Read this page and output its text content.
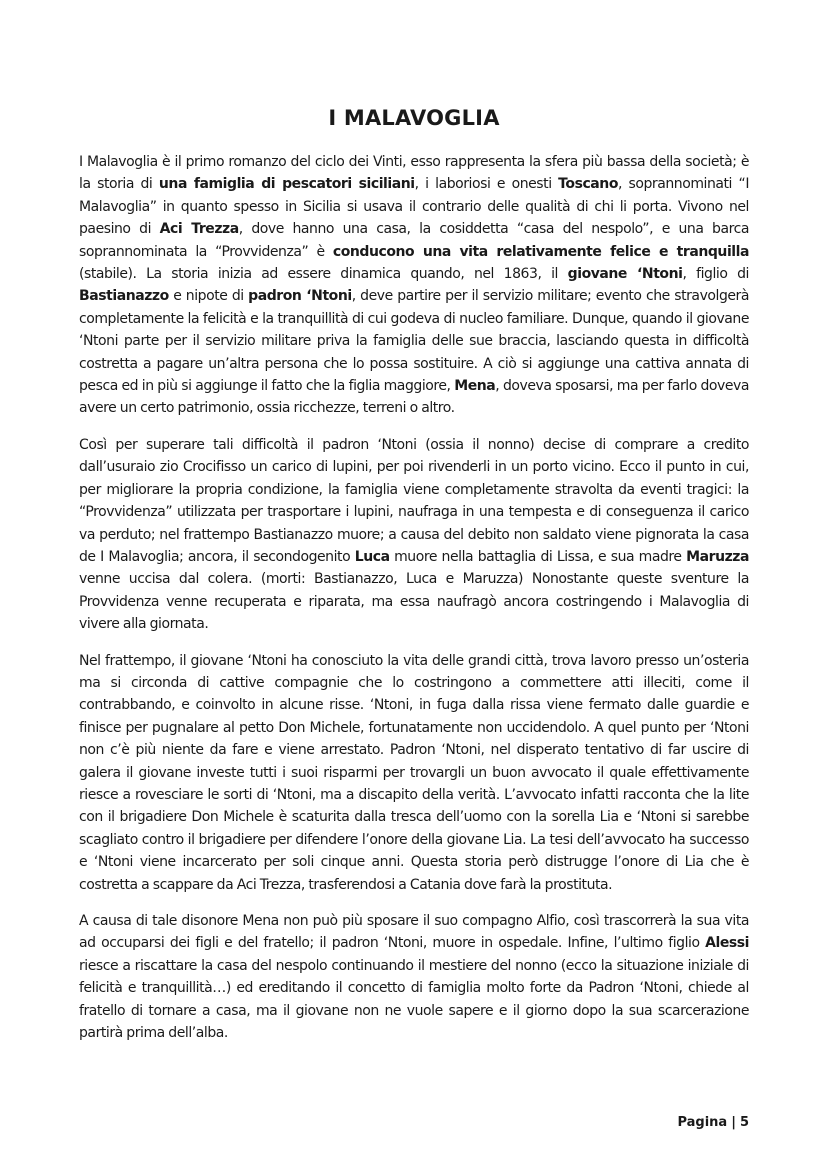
I MALAVOGLIA

I Malavoglia è il primo romanzo del ciclo dei Vinti, esso rappresenta la sfera più bassa della società; è la storia di una famiglia di pescatori siciliani, i laboriosi e onesti Toscano, soprannominati “I Malavoglia” in quanto spesso in Sicilia si usava il contrario delle qualità di chi li porta. Vivono nel paesino di Aci Trezza, dove hanno una casa, la cosiddetta “casa del nespolo”, e una barca soprannominata la “Provvidenza” è conducono una vita relativamente felice e tranquilla (stabile). La storia inizia ad essere dinamica quando, nel 1863, il giovane ‘Ntoni, figlio di Bastianazzo e nipote di padron ‘Ntoni, deve partire per il servizio militare; evento che stravolgerà completamente la felicità e la tranquillità di cui godeva di nucleo familiare. Dunque, quando il giovane ‘Ntoni parte per il servizio militare priva la famiglia delle sue braccia, lasciando questa in difficoltà costretta a pagare un’altra persona che lo possa sostituire. A ciò si aggiunge una cattiva annata di pesca ed in più si aggiunge il fatto che la figlia maggiore, Mena, doveva sposarsi, ma per farlo doveva avere un certo patrimonio, ossia ricchezze, terreni o altro.

Così per superare tali difficoltà il padron ‘Ntoni (ossia il nonno) decise di comprare a credito dall’usuraio zio Crocifisso un carico di lupini, per poi rivenderli in un porto vicino. Ecco il punto in cui, per migliorare la propria condizione, la famiglia viene completamente stravolta da eventi tragici: la “Provvidenza” utilizzata per trasportare i lupini, naufraga in una tempesta e di conseguenza il carico va perduto; nel frattempo Bastianazzo muore; a causa del debito non saldato viene pignorata la casa de I Malavoglia; ancora, il secondogenito Luca muore nella battaglia di Lissa, e sua madre Maruzza venne uccisa dal colera. (morti: Bastianazzo, Luca e Maruzza) Nonostante queste sventure la Provvidenza venne recuperata e riparata, ma essa naufragò ancora costringendo i Malavoglia di vivere alla giornata.

Nel frattempo, il giovane ‘Ntoni ha conosciuto la vita delle grandi città, trova lavoro presso un’osteria ma si circonda di cattive compagnie che lo costringono a commettere atti illeciti, come il contrabbando, e coinvolto in alcune risse. ‘Ntoni, in fuga dalla rissa viene fermato dalle guardie e finisce per pugnalare al petto Don Michele, fortunatamente non uccidendolo. A quel punto per ‘Ntoni non c’è più niente da fare e viene arrestato. Padron ‘Ntoni, nel disperato tentativo di far uscire di galera il giovane investe tutti i suoi risparmi per trovargli un buon avvocato il quale effettivamente riesce a rovesciare le sorti di ‘Ntoni, ma a discapito della verità. L’avvocato infatti racconta che la lite con il brigadiere Don Michele è scaturita dalla tresca dell’uomo con la sorella Lia e ‘Ntoni si sarebbe scagliato contro il brigadiere per difendere l’onore della giovane Lia. La tesi dell’avvocato ha successo e ‘Ntoni viene incarcerato per soli cinque anni. Questa storia però distrugge l’onore di Lia che è costretta a scappare da Aci Trezza, trasferendosi a Catania dove farà la prostituta.

A causa di tale disonore Mena non può più sposare il suo compagno Alfio, così trascorrerà la sua vita ad occuparsi dei figli e del fratello; il padron ‘Ntoni, muore in ospedale. Infine, l’ultimo figlio Alessi riesce a riscattare la casa del nespolo continuando il mestiere del nonno (ecco la situazione iniziale di felicità e tranquillità…) ed ereditando il concetto di famiglia molto forte da Padron ‘Ntoni, chiede al fratello di tornare a casa, ma il giovane non ne vuole sapere e il giorno dopo la sua scarcerazione partirà prima dell’alba.

Pagina | 5
